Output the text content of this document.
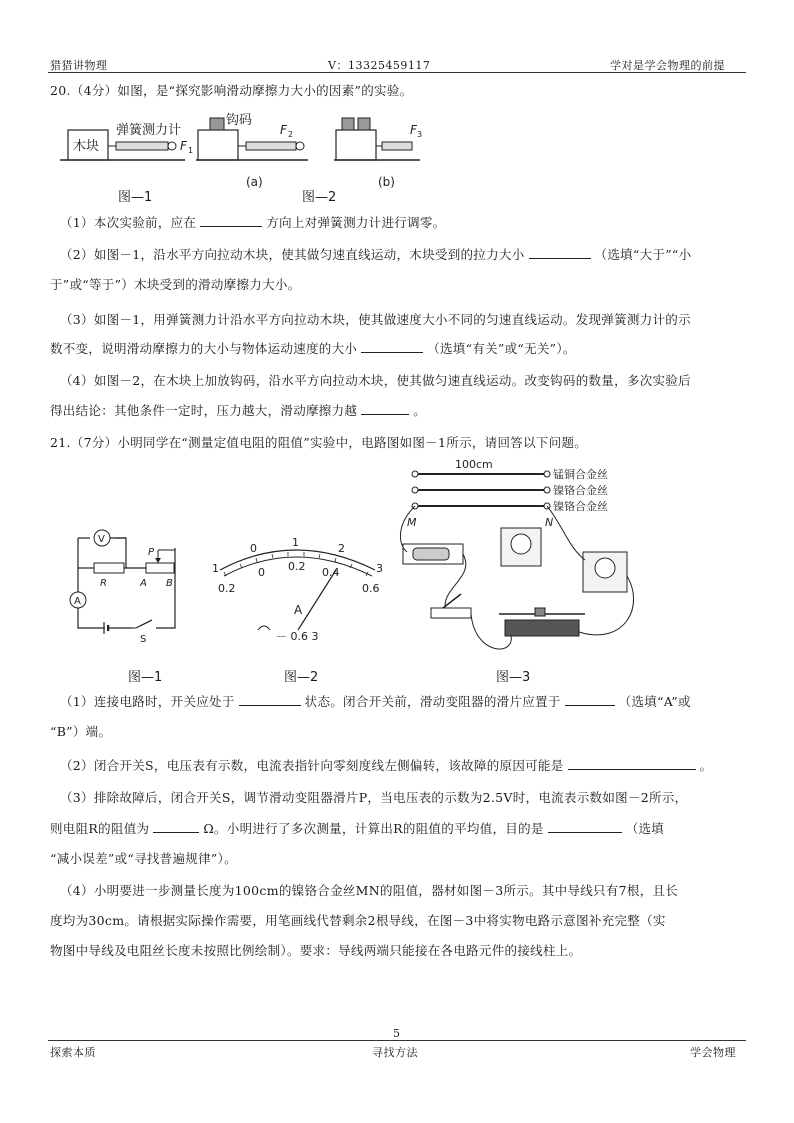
猎猎讲物理	V：13325459117	学对是学会物理的前提
20.（4分）如图，是“探究影响滑动摩擦力大小的因素”的实验。
木块
弹簧测力计
F 1
钩码
F 2
(a)
F 3
(b)
图—1	图—2
（1）本次实验前，应在	方向上对弹簧测力计进行调零。
（2）如图－1，沿水平方向拉动木块，使其做匀速直线运动，木块受到的拉力大小	（选填“大于”“小
于”或“等于”）木块受到的滑动摩擦力大小。
（3）如图－1，用弹簧测力计沿水平方向拉动木块，使其做速度大小不同的匀速直线运动。发现弹簧测力计的示
数不变，说明滑动摩擦力的大小与物体运动速度的大小	（选填“有关”或“无关”）。
（4）如图－2，在木块上加放钩码，沿水平方向拉动木块，使其做匀速直线运动。改变钩码的数量，多次实验后
得出结论：其他条件一定时，压力越大，滑动摩擦力越	。
21.（7分）小明同学在“测量定值电阻的阻值”实验中，电路图如图－1所示，请回答以下问题。
V
A
R
P
A B
S
图—1
0	1	2
3
1	0 0.2 0.4
0.6
0.2
A
－ 0.6 3
图—2
100cm
锰铜合金丝
镍铬合金丝
镍铬合金丝
M	N
图—3
（1）连接电路时，开关应处于	状态。闭合开关前，滑动变阻器的滑片应置于	（选填“A”或
“B”）端。
（2）闭合开关S，电压表有示数，电流表指针向零刻度线左侧偏转，该故障的原因可能是	。
（3）排除故障后，闭合开关S，调节滑动变阻器滑片P，当电压表的示数为2.5V时，电流表示数如图－2所示，
则电阻R的阻值为	Ω。小明进行了多次测量，计算出R的阻值的平均值，目的是	（选填
“减小误差”或“寻找普遍规律”）。
（4）小明要进一步测量长度为100cm的镍铬合金丝MN的阻值，器材如图－3所示。其中导线只有7根，且长
度均为30cm。请根据实际操作需要，用笔画线代替剩余2根导线，在图－3中将实物电路示意图补充完整（实
物图中导线及电阻丝长度未按照比例绘制）。要求：导线两端只能接在各电路元件的接线柱上。
5
探索本质	寻找方法	学会物理
